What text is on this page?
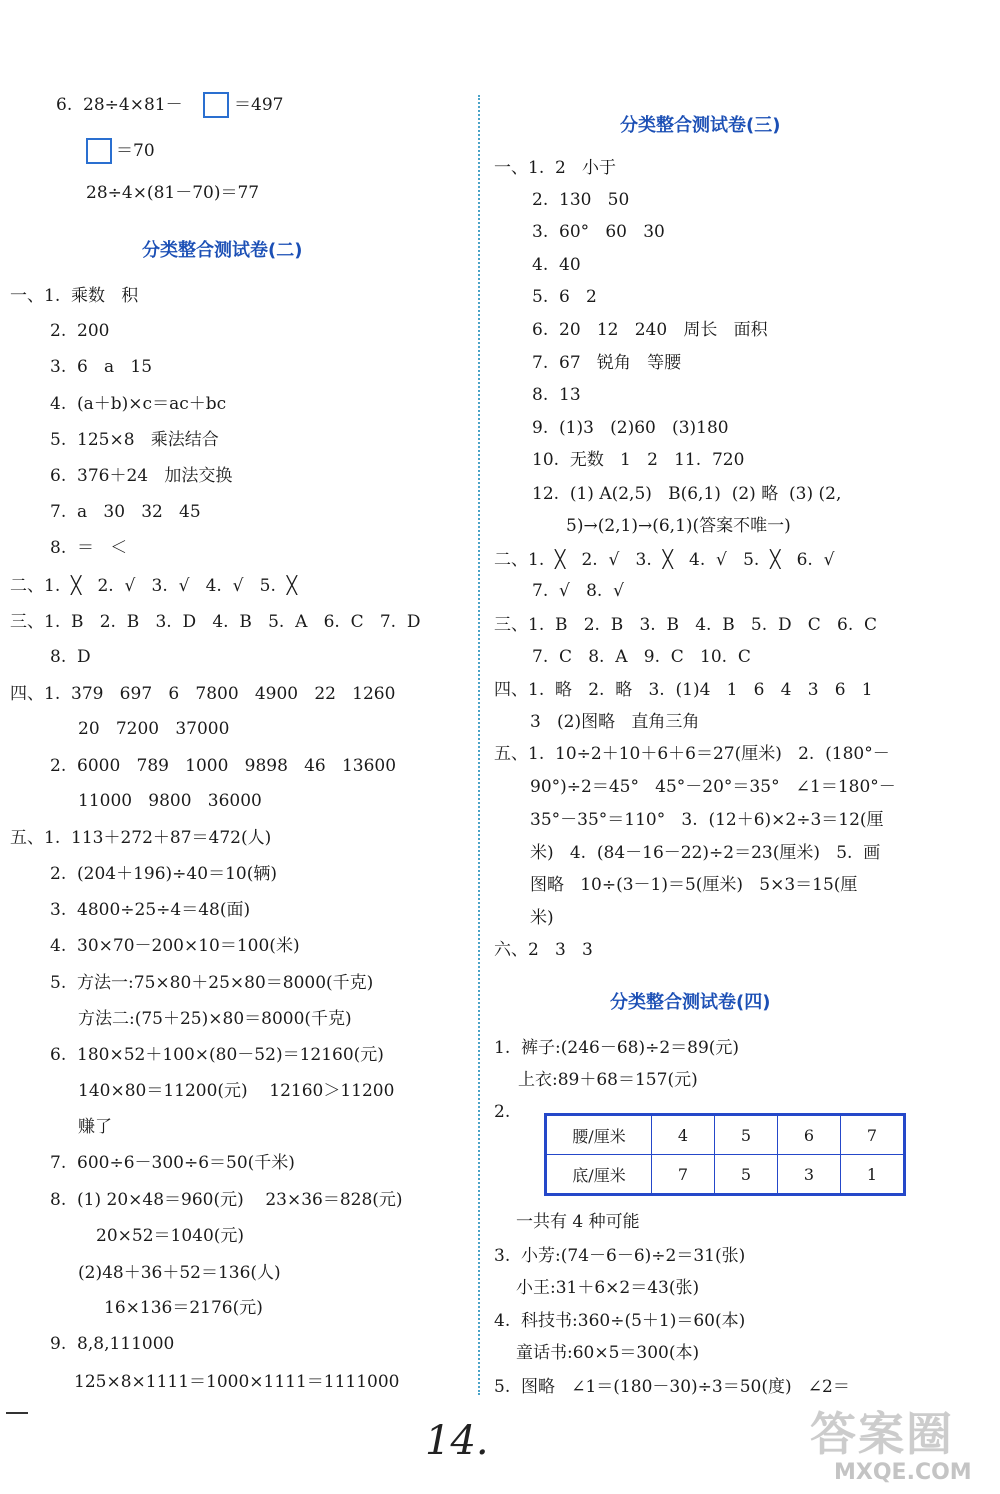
6.  28÷4×81－	＝497
＝70
28÷4×(81－70)＝77
分类整合测试卷(二)
一、1.  乘数   积
2.  200
3.  6   a   15
4.  (a＋b)×c＝ac＋bc
5.  125×8   乘法结合
6.  376＋24   加法交换
7.  a   30   32   45
8.  ＝   ＜
二、1.  ╳   2.  √   3.  √   4.  √   5.  ╳
三、1.  B   2.  B   3.  D   4.  B   5.  A   6.  C   7.  D
8.  D
四、1.  379   697   6   7800   4900   22   1260
20   7200   37000
2.  6000   789   1000   9898   46   13600
11000   9800   36000
五、1.  113＋272＋87＝472(人)
2.  (204＋196)÷40＝10(辆)
3.  4800÷25÷4＝48(面)
4.  30×70－200×10＝100(米)
5.  方法一:75×80＋25×80＝8000(千克)
方法二:(75＋25)×80＝8000(千克)
6.  180×52＋100×(80－52)＝12160(元)
140×80＝11200(元)    12160＞11200
赚了
7.  600÷6－300÷6＝50(千米)
8.  (1) 20×48＝960(元)    23×36＝828(元)
20×52＝1040(元)
(2)48＋36＋52＝136(人)
16×136＝2176(元)
9.  8,8,111000
125×8×1111＝1000×1111＝1111000
分类整合测试卷(三)
一、1.  2   小于
2.  130   50
3.  60°   60   30
4.  40
5.  6   2
6.  20   12   240   周长   面积
7.  67   锐角   等腰
8.  13
9.  (1)3   (2)60   (3)180
10.  无数   1   2   11.  720
12.  (1) A(2,5)   B(6,1)  (2) 略  (3) (2,
5)→(2,1)→(6,1)(答案不唯一)
二、1.  ╳   2.  √   3.  ╳   4.  √   5.  ╳   6.  √
7.  √   8.  √
三、1.  B   2.  B   3.  B   4.  B   5.  D   C   6.  C
7.  C   8.  A   9.  C   10.  C
四、1.  略   2.  略   3.  (1)4   1   6   4   3   6   1
3   (2)图略   直角三角
五、1.  10÷2＋10＋6＋6＝27(厘米)   2.  (180°－
90°)÷2＝45°   45°－20°＝35°   ∠1＝180°－
35°－35°＝110°   3.  (12＋6)×2÷3＝12(厘
米)   4.  (84－16－22)÷2＝23(厘米)   5.  画
图略   10÷(3－1)＝5(厘米)   5×3＝15(厘
米)
六、2   3   3
分类整合测试卷(四)
1.  裤子:(246－68)÷2＝89(元)
上衣:89＋68＝157(元)
2.
腰/厘米	4	5	6	7
底/厘米	7	5	3	1
一共有 4 种可能
3.  小芳:(74－6－6)÷2＝31(张)
小王:31＋6×2＝43(张)
4.  科技书:360÷(5＋1)＝60(本)
童话书:60×5＝300(本)
5.  图略   ∠1＝(180－30)÷3＝50(度)   ∠2＝
14.	答案圈
MXQE.COM
